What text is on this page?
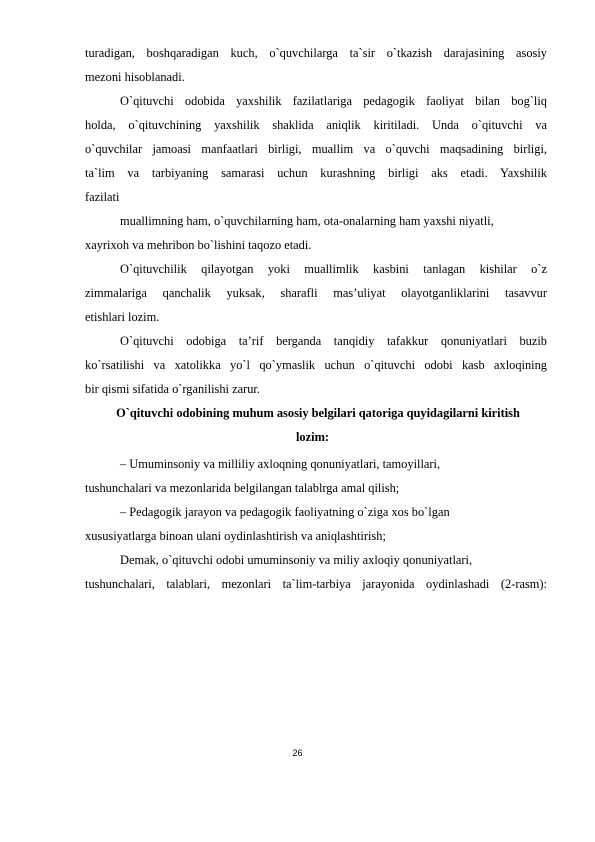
turadigan, boshqaradigan kuch, o`quvchilarga ta`sir o`tkazish darajasining asosiy
mezoni hisoblanadi.
O`qituvchi odobida yaxshilik fazilatlariga pedagogik faoliyat bilan bog`liq
holda, o`qituvchining yaxshilik shaklida aniqlik kiritiladi. Unda o`qituvchi va
o`quvchilar jamoasi manfaatlari birligi, muallim va o`quvchi maqsadining birligi,
ta`lim va tarbiyaning samarasi uchun kurashning birligi aks etadi. Yaxshilik
fazilati
muallimning ham, o`quvchilarning ham, ota-onalarning ham yaxshi niyatli,
xayrixoh va mehribon bo`lishini taqozo etadi.
O`qituvchilik qilayotgan yoki muallimlik kasbini tanlagan kishilar o`z
zimmalariga qanchalik yuksak, sharafli mas’uliyat olayotganliklarini tasavvur
etishlari lozim.
O`qituvchi odobiga ta’rif berganda tanqidiy tafakkur qonuniyatlari buzib
ko`rsatilishi va xatolikka yo`l qo`ymaslik uchun o`qituvchi odobi kasb axloqining
bir qismi sifatida o`rganilishi zarur.
O`qituvchi odobining muhum asosiy belgilari qatoriga quyidagilarni kiritish
lozim:
– Umuminsoniy va milliliy axloqning qonuniyatlari, tamoyillari,
tushunchalari va mezonlarida belgilangan talablrga amal qilish;
– Pedagogik jarayon va pedagogik faoliyatning o`ziga xos bo`lgan
xususiyatlarga binoan ulani oydinlashtirish va aniqlashtirish;
Demak, o`qituvchi odobi umuminsoniy va miliy axloqiy qonuniyatlari,
tushunchalari, talablari, mezonlari ta`lim-tarbiya jarayonida oydinlashadi (2-rasm):
26
